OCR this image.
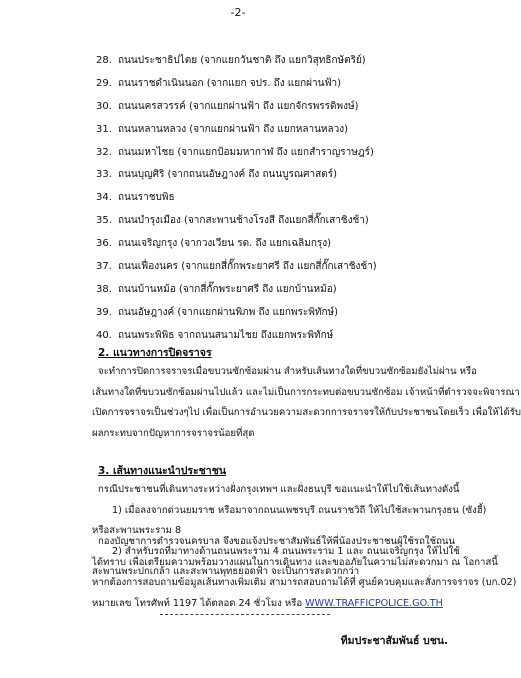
-2-
28. ถนนประชาธิปไตย (จากแยกวันชาติ ถึง แยกวิสุทธิกษัตริย์)
29. ถนนราชดำเนินนอก (จากแยก จปร. ถึง แยกผ่านฟ้า)
30. ถนนนครสวรรค์ (จากแยกผ่านฟ้า ถึง แยกจักรพรรดิพงษ์)
31. ถนนหลานหลวง (จากแยกผ่านฟ้า ถึง แยกหลานหลวง)
32. ถนนมหาไชย (จากแยกป้อมมหากาฬ ถึง แยกสำราญราษฎร์)
33. ถนนบุญศิริ (จากถนนอัษฎางค์ ถึง ถนนบูรณศาสตร์)
34. ถนนราชบพิธ
35. ถนนบำรุงเมือง (จากสะพานช้างโรงสี ถึงแยกสี่กั๊กเสาชิงช้า)
36. ถนนเจริญกรุง (จากวงเวียน รด. ถึง แยกเฉลิมกรุง)
37. ถนนเฟื่องนคร (จากแยกสี่กั๊กพระยาศรี ถึง แยกสี่กั๊กเสาชิงช้า)
38. ถนนบ้านหม้อ (จากสี่กั๊กพระยาศรี ถึง แยกบ้านหม้อ)
39. ถนนอัษฎางค์ (จากแยกผ่านพิภพ ถึง แยกพระพิทักษ์)
40. ถนนพระพิพิธ จากถนนสนามไชย ถึงแยกพระพิทักษ์
2. แนวทางการปิดจราจร
จะทำการปิดการจราจรเมื่อขบวนซักซ้อมผ่าน สำหรับเส้นทางใดที่ขบวนซักซ้อมยังไม่ผ่าน หรือ
เส้นทางใดที่ขบวนซักซ้อมผ่านไปแล้ว และไม่เป็นการกระทบต่อขบวนซักซ้อม เจ้าหน้าที่ตำรวจจะพิจารณา
เปิดการจราจรเป็นช่วงๆไป เพื่อเป็นการอำนวยความสะดวกการจราจรให้กับประชาชนโดยเร็ว เพื่อให้ได้รับ
ผลกระทบจากปัญหาการจราจรน้อยที่สุด
3. เส้นทางแนะนำประชาชน
กรณีประชาชนที่เดินทางระหว่างฝั่งกรุงเทพฯ และฝั่งธนบุรี ขอแนะนำให้ไปใช้เส้นทางดังนี้
1) เมื่อลงจากด่วนยมราช หรือมาจากถนนเพชรบุรี ถนนราชวิถี ให้ไปใช้สะพานกรุงธน (ซังฮี้)
หรือสะพานพระราม 8
2) สำหรับรถที่มาทางด้านถนนพระราม 4 ถนนพระราม 1 และ ถนนเจริญกรุง ให้ไปใช้
สะพานพระปกเกล้า และสะพานพุทธยอดฟ้า จะเป็นการสะดวกกว่า
กองบัญชาการตำรวจนครบาล จึงขอแจ้งประชาสัมพันธ์ให้พี่น้องประชาชนผู้ใช้รถใช้ถนน
ได้ทราบ เพื่อเตรียมความพร้อมวางแผนในการเดินทาง และขออภัยในความไม่สะดวกมา ณ โอกาสนี้
หากต้องการสอบถามข้อมูลเส้นทางเพิ่มเติม สามารถสอบถามได้ที่ ศูนย์ควบคุมและสั่งการจราจร (บก.02)
หมายเลข โทรศัพท์ 1197 ได้ตลอด 24 ชั่วโมง หรือ WWW.TRAFFICPOLICE.GO.TH
ทีมประชาสัมพันธ์ บชน.
